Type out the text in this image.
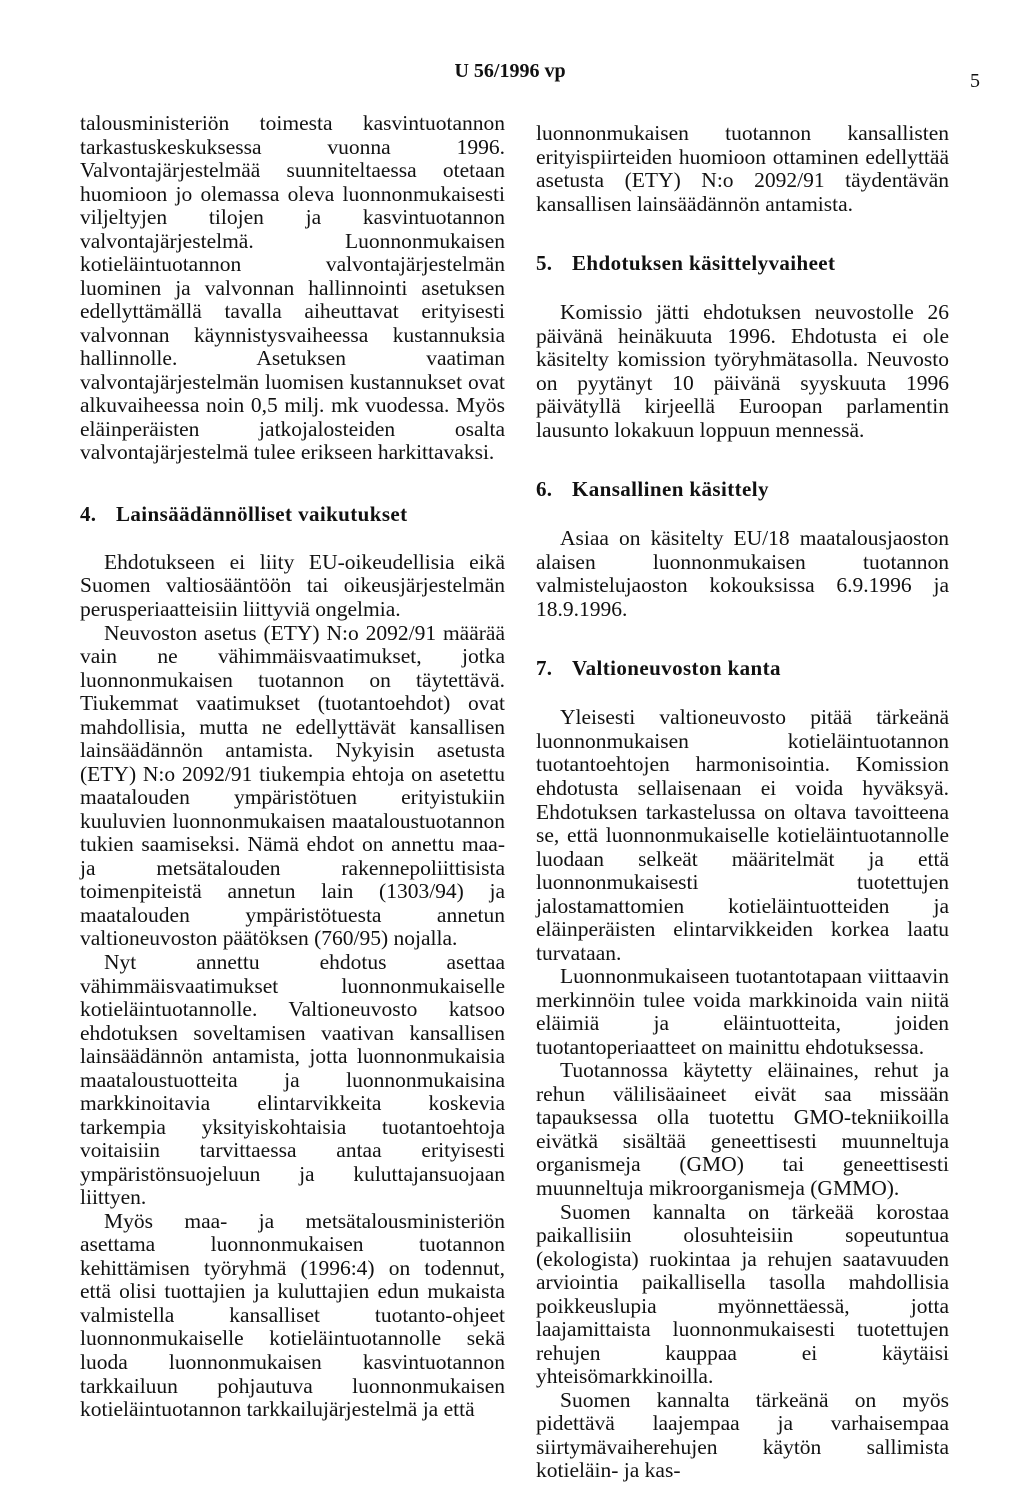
U 56/1996 vp	5

talousministeriön toimesta kasvintuotannon tarkastuskeskuksessa vuonna 1996. Valvontajärjestelmää suunniteltaessa otetaan huomioon jo olemassa oleva luonnonmukaisesti viljeltyjen tilojen ja kasvintuotannon valvontajärjestelmä. Luonnonmukaisen kotieläintuotannon valvontajärjestelmän luominen ja valvonnan hallinnointi asetuksen edellyttämällä tavalla aiheuttavat erityisesti valvonnan käynnistysvaiheessa kustannuksia hallinnolle. Asetuksen vaatiman valvontajärjestelmän luomisen kustannukset ovat alkuvaiheessa noin 0,5 milj. mk vuodessa. Myös eläinperäisten jatkojalosteiden osalta valvontajärjestelmä tulee erikseen harkittavaksi.

4. Lainsäädännölliset vaikutukset

Ehdotukseen ei liity EU-oikeudellisia eikä Suomen valtiosääntöön tai oikeusjärjestelmän perusperiaatteisiin liittyviä ongelmia.

Neuvoston asetus (ETY) N:o 2092/91 määrää vain ne vähimmäisvaatimukset, jotka luonnonmukaisen tuotannon on täytettävä. Tiukemmat vaatimukset (tuotantoehdot) ovat mahdollisia, mutta ne edellyttävät kansallisen lainsäädännön antamista. Nykyisin asetusta (ETY) N:o 2092/91 tiukempia ehtoja on asetettu maatalouden ympäristötuen erityistukiin kuuluvien luonnonmukaisen maataloustuotannon tukien saamiseksi. Nämä ehdot on annettu maa- ja metsätalouden rakennepoliittisista toimenpiteistä annetun lain (1303/94) ja maatalouden ympäristötuesta annetun valtioneuvoston päätöksen (760/95) nojalla.

Nyt annettu ehdotus asettaa vähimmäisvaatimukset luonnonmukaiselle kotieläintuotannolle. Valtioneuvosto katsoo ehdotuksen soveltamisen vaativan kansallisen lainsäädännön antamista, jotta luonnonmukaisia maataloustuotteita ja luonnonmukaisina markkinoitavia elintarvikkeita koskevia tarkempia yksityiskohtaisia tuotantoehtoja voitaisiin tarvittaessa antaa erityisesti ympäristönsuojeluun ja kuluttajansuojaan liittyen.

Myös maa- ja metsätalousministeriön asettama luonnonmukaisen tuotannon kehittämisen työryhmä (1996:4) on todennut, että olisi tuottajien ja kuluttajien edun mukaista valmistella kansalliset tuotanto-ohjeet luonnonmukaiselle kotieläintuotannolle sekä luoda luonnonmukaisen kasvintuotannon tarkkailuun pohjautuva luonnonmukaisen kotieläintuotannon tarkkailujärjestelmä ja että

luonnonmukaisen tuotannon kansallisten erityispiirteiden huomioon ottaminen edellyttää asetusta (ETY) N:o 2092/91 täydentävän kansallisen lainsäädännön antamista.

5. Ehdotuksen käsittelyvaiheet

Komissio jätti ehdotuksen neuvostolle 26 päivänä heinäkuuta 1996. Ehdotusta ei ole käsitelty komission työryhmätasolla. Neuvosto on pyytänyt 10 päivänä syyskuuta 1996 päivätyllä kirjeellä Euroopan parlamentin lausunto lokakuun loppuun mennessä.

6. Kansallinen käsittely

Asiaa on käsitelty EU/18 maatalousjaoston alaisen luonnonmukaisen tuotannon valmistelujaoston kokouksissa 6.9.1996 ja 18.9.1996.

7. Valtioneuvoston kanta

Yleisesti valtioneuvosto pitää tärkeänä luonnonmukaisen kotieläintuotannon tuotantoehtojen harmonisointia. Komission ehdotusta sellaisenaan ei voida hyväksyä. Ehdotuksen tarkastelussa on oltava tavoitteena se, että luonnonmukaiselle kotieläintuotannolle luodaan selkeät määritelmät ja että luonnonmukaisesti tuotettujen jalostamattomien kotieläintuotteiden ja eläinperäisten elintarvikkeiden korkea laatu turvataan.

Luonnonmukaiseen tuotantotapaan viittaavin merkinnöin tulee voida markkinoida vain niitä eläimiä ja eläintuotteita, joiden tuotantoperiaatteet on mainittu ehdotuksessa.

Tuotannossa käytetty eläinaines, rehut ja rehun välilisäaineet eivät saa missään tapauksessa olla tuotettu GMO-tekniikoilla eivätkä sisältää geneettisesti muunneltuja organismeja (GMO) tai geneettisesti muunneltuja mikroorganismeja (GMMO).

Suomen kannalta on tärkeää korostaa paikallisiin olosuhteisiin sopeutuntua (ekologista) ruokintaa ja rehujen saatavuuden arviointia paikallisella tasolla mahdollisia poikkeuslupia myönnettäessä, jotta laajamittaista luonnonmukaisesti tuotettujen rehujen kauppaa ei käytäisi yhteisömarkkinoilla.

Suomen kannalta tärkeänä on myös pidettävä laajempaa ja varhaisempaa siirtymävaiherehujen käytön sallimista kotieläin- ja kas-
